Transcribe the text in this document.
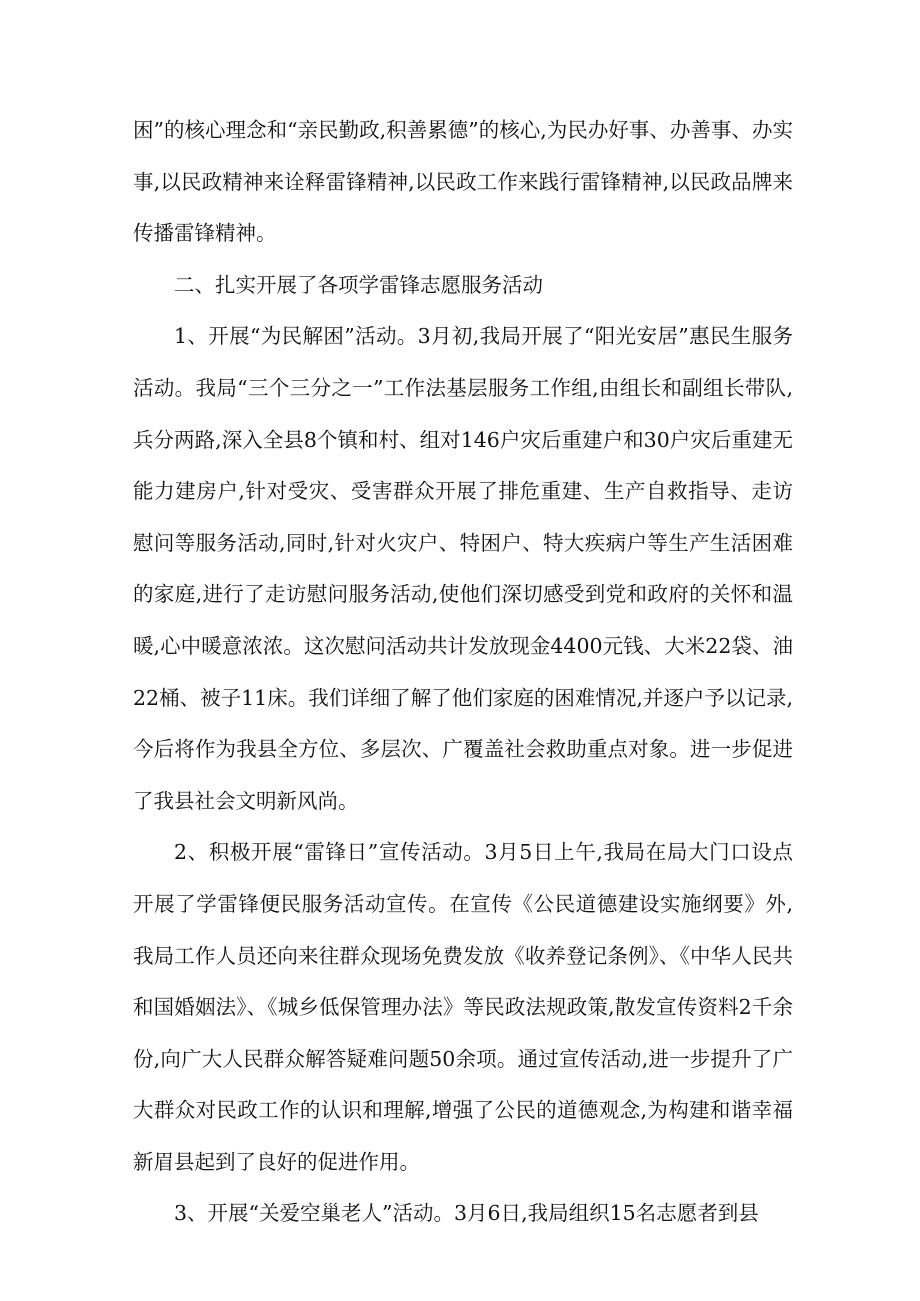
困”的核心理念和“亲民勤政,积善累德”的核心,为民办好事、办善事、办实事,以民政精神来诠释雷锋精神,以民政工作来践行雷锋精神,以民政品牌来传播雷锋精神。

二、扎实开展了各项学雷锋志愿服务活动

1、开展“为民解困”活动。3月初,我局开展了“阳光安居”惠民生服务活动。我局“三个三分之一”工作法基层服务工作组,由组长和副组长带队,兵分两路,深入全县8个镇和村、组对146户灾后重建户和30户灾后重建无能力建房户,针对受灾、受害群众开展了排危重建、生产自救指导、走访慰问等服务活动,同时,针对火灾户、特困户、特大疾病户等生产生活困难的家庭,进行了走访慰问服务活动,使他们深切感受到党和政府的关怀和温暖,心中暖意浓浓。这次慰问活动共计发放现金4400元钱、大米22袋、油22桶、被子11床。我们详细了解了他们家庭的困难情况,并逐户予以记录,今后将作为我县全方位、多层次、广覆盖社会救助重点对象。进一步促进了我县社会文明新风尚。

2、积极开展“雷锋日”宣传活动。3月5日上午,我局在局大门口设点开展了学雷锋便民服务活动宣传。在宣传《公民道德建设实施纲要》外,我局工作人员还向来往群众现场免费发放《收养登记条例》、《中华人民共和国婚姻法》、《城乡低保管理办法》等民政法规政策,散发宣传资料2千余份,向广大人民群众解答疑难问题50余项。通过宣传活动,进一步提升了广大群众对民政工作的认识和理解,增强了公民的道德观念,为构建和谐幸福新眉县起到了良好的促进作用。

3、开展“关爱空巢老人”活动。3月6日,我局组织15名志愿者到县
